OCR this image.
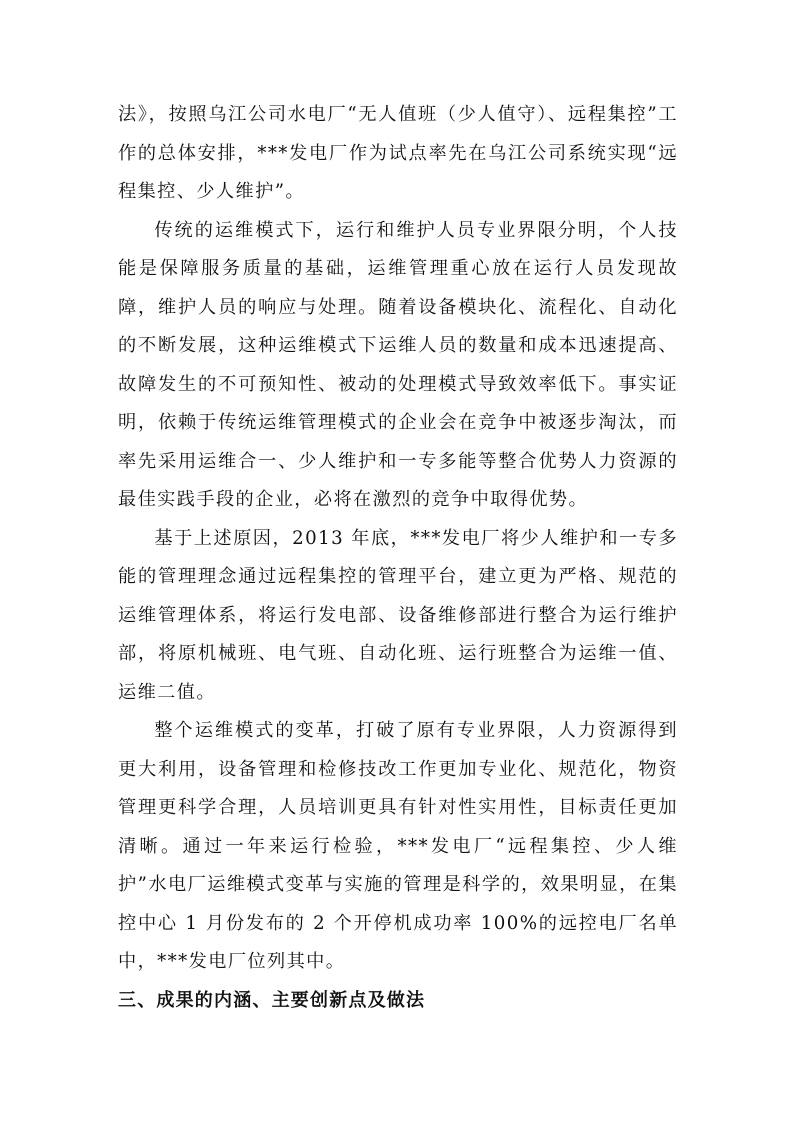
法》，按照乌江公司水电厂“无人值班（少人值守）、远程集控”工作的总体安排，***发电厂作为试点率先在乌江公司系统实现“远程集控、少人维护”。

传统的运维模式下，运行和维护人员专业界限分明，个人技能是保障服务质量的基础，运维管理重心放在运行人员发现故障，维护人员的响应与处理。随着设备模块化、流程化、自动化的不断发展，这种运维模式下运维人员的数量和成本迅速提高、故障发生的不可预知性、被动的处理模式导致效率低下。事实证明，依赖于传统运维管理模式的企业会在竞争中被逐步淘汰，而率先采用运维合一、少人维护和一专多能等整合优势人力资源的最佳实践手段的企业，必将在激烈的竞争中取得优势。

基于上述原因，2013 年底，***发电厂将少人维护和一专多能的管理理念通过远程集控的管理平台，建立更为严格、规范的运维管理体系，将运行发电部、设备维修部进行整合为运行维护部，将原机械班、电气班、自动化班、运行班整合为运维一值、运维二值。

整个运维模式的变革，打破了原有专业界限，人力资源得到更大利用，设备管理和检修技改工作更加专业化、规范化，物资管理更科学合理，人员培训更具有针对性实用性，目标责任更加清晰。通过一年来运行检验，***发电厂“远程集控、少人维护”水电厂运维模式变革与实施的管理是科学的，效果明显，在集控中心 1 月份发布的 2 个开停机成功率 100%的远控电厂名单中，***发电厂位列其中。

三、成果的内涵、主要创新点及做法
